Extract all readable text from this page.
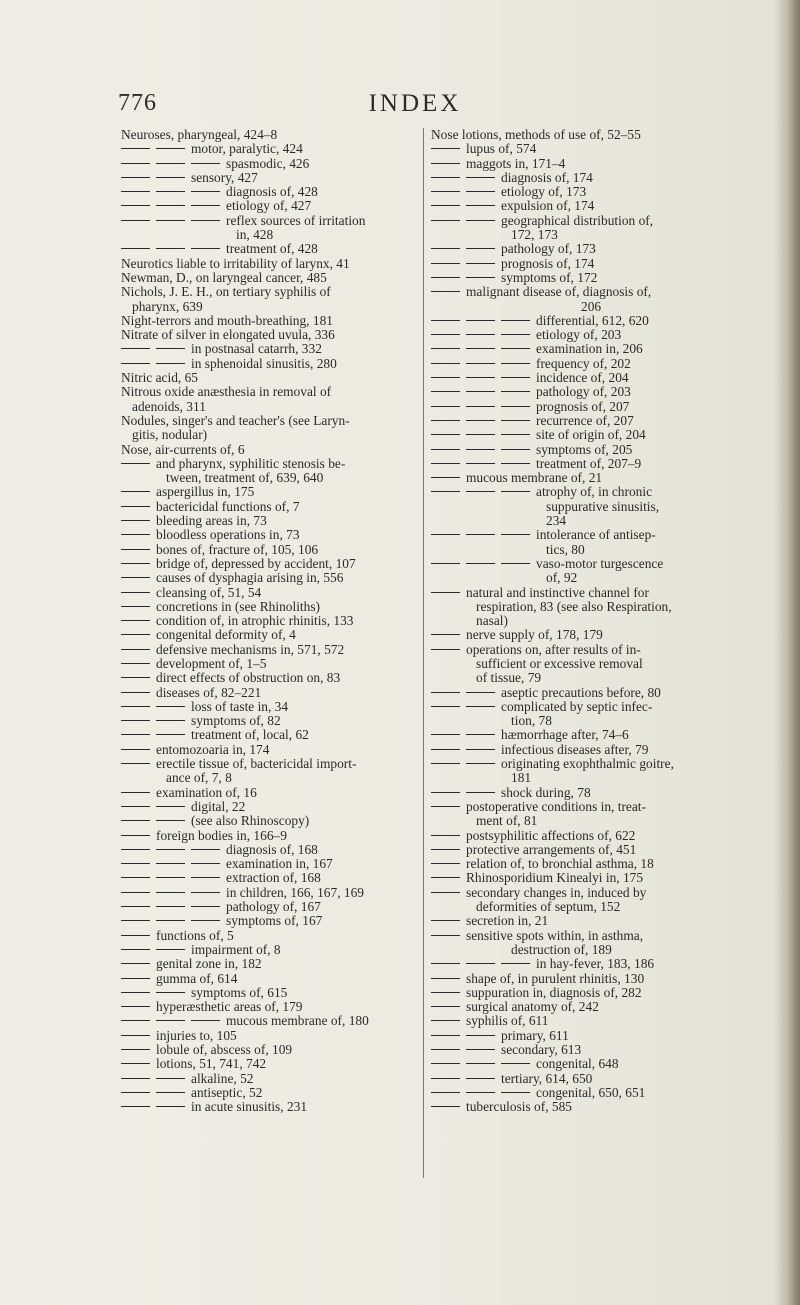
776	INDEX
Neuroses, pharyngeal, 424–8
motor, paralytic, 424
spasmodic, 426
sensory, 427
diagnosis of, 428
etiology of, 427
reflex sources of irritation
in, 428
treatment of, 428
Neurotics liable to irritability of larynx, 41
Newman, D., on laryngeal cancer, 485
Nichols, J. E. H., on tertiary syphilis of
pharynx, 639
Night-terrors and mouth-breathing, 181
Nitrate of silver in elongated uvula, 336
in postnasal catarrh, 332
in sphenoidal sinusitis, 280
Nitric acid, 65
Nitrous oxide anæsthesia in removal of
adenoids, 311
Nodules, singer's and teacher's (see Laryn-
gitis, nodular)
Nose, air-currents of, 6
and pharynx, syphilitic stenosis be-
tween, treatment of, 639, 640
aspergillus in, 175
bactericidal functions of, 7
bleeding areas in, 73
bloodless operations in, 73
bones of, fracture of, 105, 106
bridge of, depressed by accident, 107
causes of dysphagia arising in, 556
cleansing of, 51, 54
concretions in (see Rhinoliths)
condition of, in atrophic rhinitis, 133
congenital deformity of, 4
defensive mechanisms in, 571, 572
development of, 1–5
direct effects of obstruction on, 83
diseases of, 82–221
loss of taste in, 34
symptoms of, 82
treatment of, local, 62
entomozoaria in, 174
erectile tissue of, bactericidal import-
ance of, 7, 8
examination of, 16
digital, 22
(see also Rhinoscopy)
foreign bodies in, 166–9
diagnosis of, 168
examination in, 167
extraction of, 168
in children, 166, 167, 169
pathology of, 167
symptoms of, 167
functions of, 5
impairment of, 8
genital zone in, 182
gumma of, 614
symptoms of, 615
hyperæsthetic areas of, 179
mucous membrane of, 180
injuries to, 105
lobule of, abscess of, 109
lotions, 51, 741, 742
alkaline, 52
antiseptic, 52
in acute sinusitis, 231
Nose lotions, methods of use of, 52–55
lupus of, 574
maggots in, 171–4
diagnosis of, 174
etiology of, 173
expulsion of, 174
geographical distribution of,
172, 173
pathology of, 173
prognosis of, 174
symptoms of, 172
malignant disease of, diagnosis of,
206
differential, 612, 620
etiology of, 203
examination in, 206
frequency of, 202
incidence of, 204
pathology of, 203
prognosis of, 207
recurrence of, 207
site of origin of, 204
symptoms of, 205
treatment of, 207–9
mucous membrane of, 21
atrophy of, in chronic
suppurative sinusitis,
234
intolerance of antisep-
tics, 80
vaso-motor turgescence
of, 92
natural and instinctive channel for
respiration, 83 (see also Respiration,
nasal)
nerve supply of, 178, 179
operations on, after results of in-
sufficient or excessive removal
of tissue, 79
aseptic precautions before, 80
complicated by septic infec-
tion, 78
hæmorrhage after, 74–6
infectious diseases after, 79
originating exophthalmic goitre,
181
shock during, 78
postoperative conditions in, treat-
ment of, 81
postsyphilitic affections of, 622
protective arrangements of, 451
relation of, to bronchial asthma, 18
Rhinosporidium Kinealyi in, 175
secondary changes in, induced by
deformities of septum, 152
secretion in, 21
sensitive spots within, in asthma,
destruction of, 189
in hay-fever, 183, 186
shape of, in purulent rhinitis, 130
suppuration in, diagnosis of, 282
surgical anatomy of, 242
syphilis of, 611
primary, 611
secondary, 613
congenital, 648
tertiary, 614, 650
congenital, 650, 651
tuberculosis of, 585
